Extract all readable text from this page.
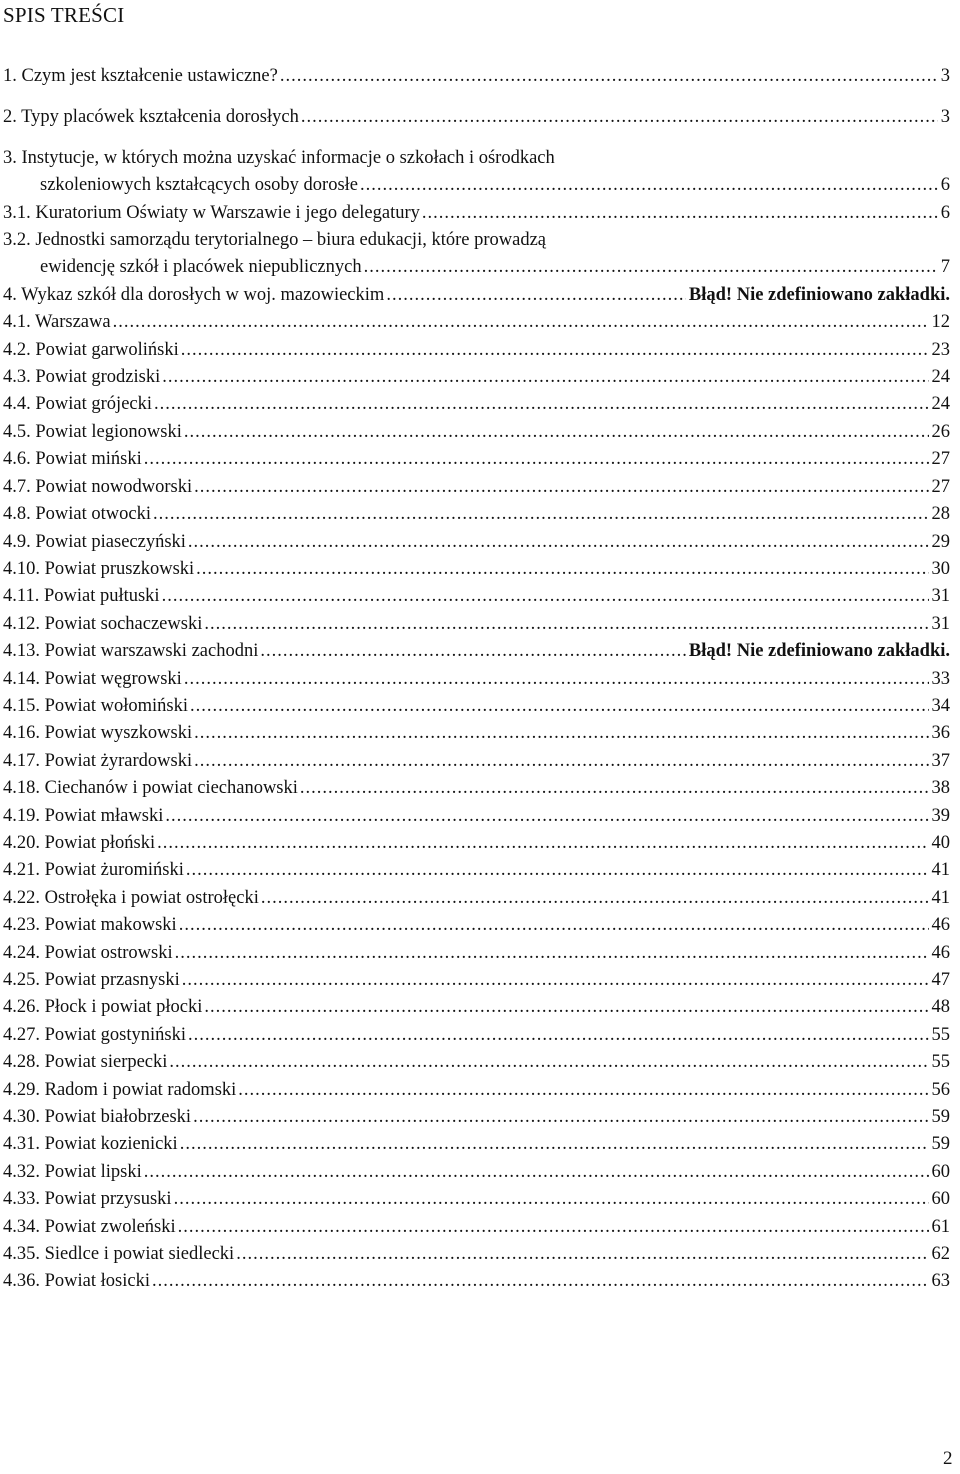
SPIS TREŚCI
1. Czym jest kształcenie ustawiczne? .....	3
2. Typy placówek kształcenia dorosłych .....	3
3. Instytucje, w których można uzyskać informacje o szkołach i ośrodkach
szkoleniowych kształcących osoby dorosłe .....	6
3.1. Kuratorium Oświaty w Warszawie i jego delegatury .....	6
3.2. Jednostki samorządu terytorialnego – biura edukacji, które prowadzą
ewidencję szkół i placówek niepublicznych .....	7
4. Wykaz szkół dla dorosłych w woj. mazowieckim .....	Błąd! Nie zdefiniowano zakładki.
4.1. Warszawa .....	12
4.2. Powiat garwoliński .....	23
4.3. Powiat grodziski .....	24
4.4. Powiat grójecki .....	24
4.5. Powiat legionowski .....	26
4.6. Powiat miński .....	27
4.7. Powiat nowodworski .....	27
4.8. Powiat otwocki .....	28
4.9. Powiat piaseczyński .....	29
4.10. Powiat pruszkowski .....	30
4.11. Powiat pułtuski .....	31
4.12. Powiat sochaczewski .....	31
4.13. Powiat warszawski zachodni .....	Błąd! Nie zdefiniowano zakładki.
4.14. Powiat węgrowski .....	33
4.15. Powiat wołomiński .....	34
4.16. Powiat wyszkowski .....	36
4.17. Powiat żyrardowski .....	37
4.18. Ciechanów i powiat ciechanowski .....	38
4.19. Powiat mławski .....	39
4.20. Powiat płoński .....	40
4.21. Powiat żuromiński .....	41
4.22. Ostrołęka i powiat ostrołęcki .....	41
4.23. Powiat makowski .....	46
4.24. Powiat ostrowski .....	46
4.25. Powiat przasnyski .....	47
4.26. Płock i powiat płocki .....	48
4.27. Powiat gostyniński .....	55
4.28. Powiat sierpecki .....	55
4.29. Radom i powiat radomski .....	56
4.30. Powiat białobrzeski .....	59
4.31. Powiat kozienicki .....	59
4.32. Powiat lipski .....	60
4.33. Powiat przysuski .....	60
4.34. Powiat zwoleński .....	61
4.35. Siedlce i powiat siedlecki .....	62
4.36. Powiat łosicki .....	63
2
